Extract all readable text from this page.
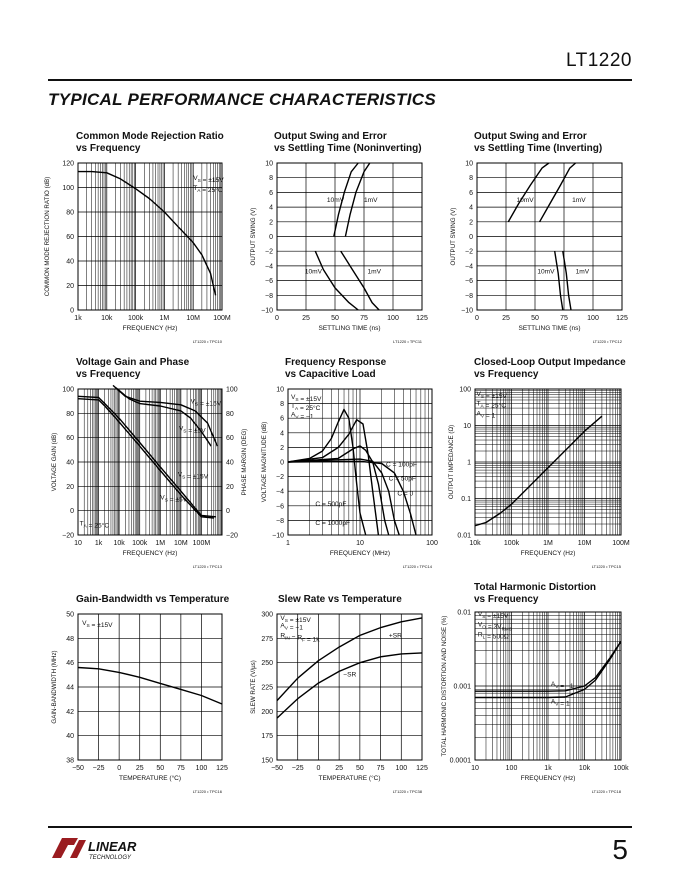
LT1220
TYPICAL PERFORMANCE CHARACTERISTICS
Common Mode Rejection Ratio
vs Frequency
Output Swing and Error
vs Settling Time (Noninverting)
Output Swing and Error
vs Settling Time (Inverting)
Voltage Gain and Phase
vs Frequency
Frequency Response
vs Capacitive Load
Closed-Loop Output Impedance
vs Frequency
Gain-Bandwidth vs Temperature	Slew Rate vs Temperature
Total Harmonic Distortion
vs Frequency
1k	10k 100k 1M 10M 100M
0
20
40
60
80
100
120
FREQUENCY (Hz)
COMMON MODE REJECTION RATIO (dB)	$V_S = \pm 15V$
$T_A = 25^\circ C$
LT1220 • TPC10
0	25	50	75	100 125
−10
−8
−6
−4
−2
0
2
4
6
8
10
SETTLING TIME (ns)
OUTPUT SWING (V)
10mV	1mV
10mV	1mV
LT1220 • TPC11
0	25	50	75	100 125
−10
−8
−6
−4
−2
0
2
4
6
8
10
SETTLING TIME (ns)
OUTPUT SWING (V)
10mV	1mV
10mV	1mV
LT1220 • TPC12
10 1k 10k 100k 1M 10M 100M
−20
0
20
40
60
80
100
−20
0
20
40
60
80
100
FREQUENCY (Hz)
VOLTAGE GAIN (dB)	PHASE MARGIN (DEG)
$V_S = \pm 15V$
$V_S = \pm 5V$
$V_S = \pm 15V$
$V_S = \pm 5V$
$T_A = 25^\circ C$
LT1220 • TPC13
1	10	100
−10
−8
−6
−4
−2
0
2
4
6
8
10
FREQUENCY (MHz)
VOLTAGE MAGNITUDE (dB)
$V_S = \pm 15V$
$T_A = 25^\circ C$
$A_V = -1$
C = 100pF
C = 50pF
C = 0
C = 500pF
C = 1000pF
LT1220 • TPC14
10k	100k	1M	10M	100M
0.01
0.1
1
10
100
FREQUENCY (Hz)
OUTPUT IMPEDANCE (Ω)
$V_S = \pm 15V$
$T_A = 25^\circ C$
$A_V = 1$
LT1220 • TPC15
−50 −25 0 25 50 75 100 125
38
40
42
44
46
48
50
TEMPERATURE (°C)
GAIN-BANDWIDTH (MHz)
$V_S = \pm 15V$
LT1220 • TPC16
−50 −25 0 25 50 75 100 125
150
175
200
225
250
275
300
TEMPERATURE (°C)
SLEW RATE (V/µs)
$V_S = \pm 15V$
$A_V = -1$
$R_{IN} = R_F = 1k$
+SR
−SR
LT1220 • TPC38
10	100	1k	10k	100k
0.0001
0.001
0.01
FREQUENCY (Hz)
TOTAL HARMONIC DISTORTION AND NOISE (%)
$V_S = \pm 15V$
$V_O = 3V_{RMS}$
$R_L = 500\Omega$
$A_V = -1$
$A_V = 1$
LT1220 • TPC18
LINEAR
TECHNOLOGY	5
